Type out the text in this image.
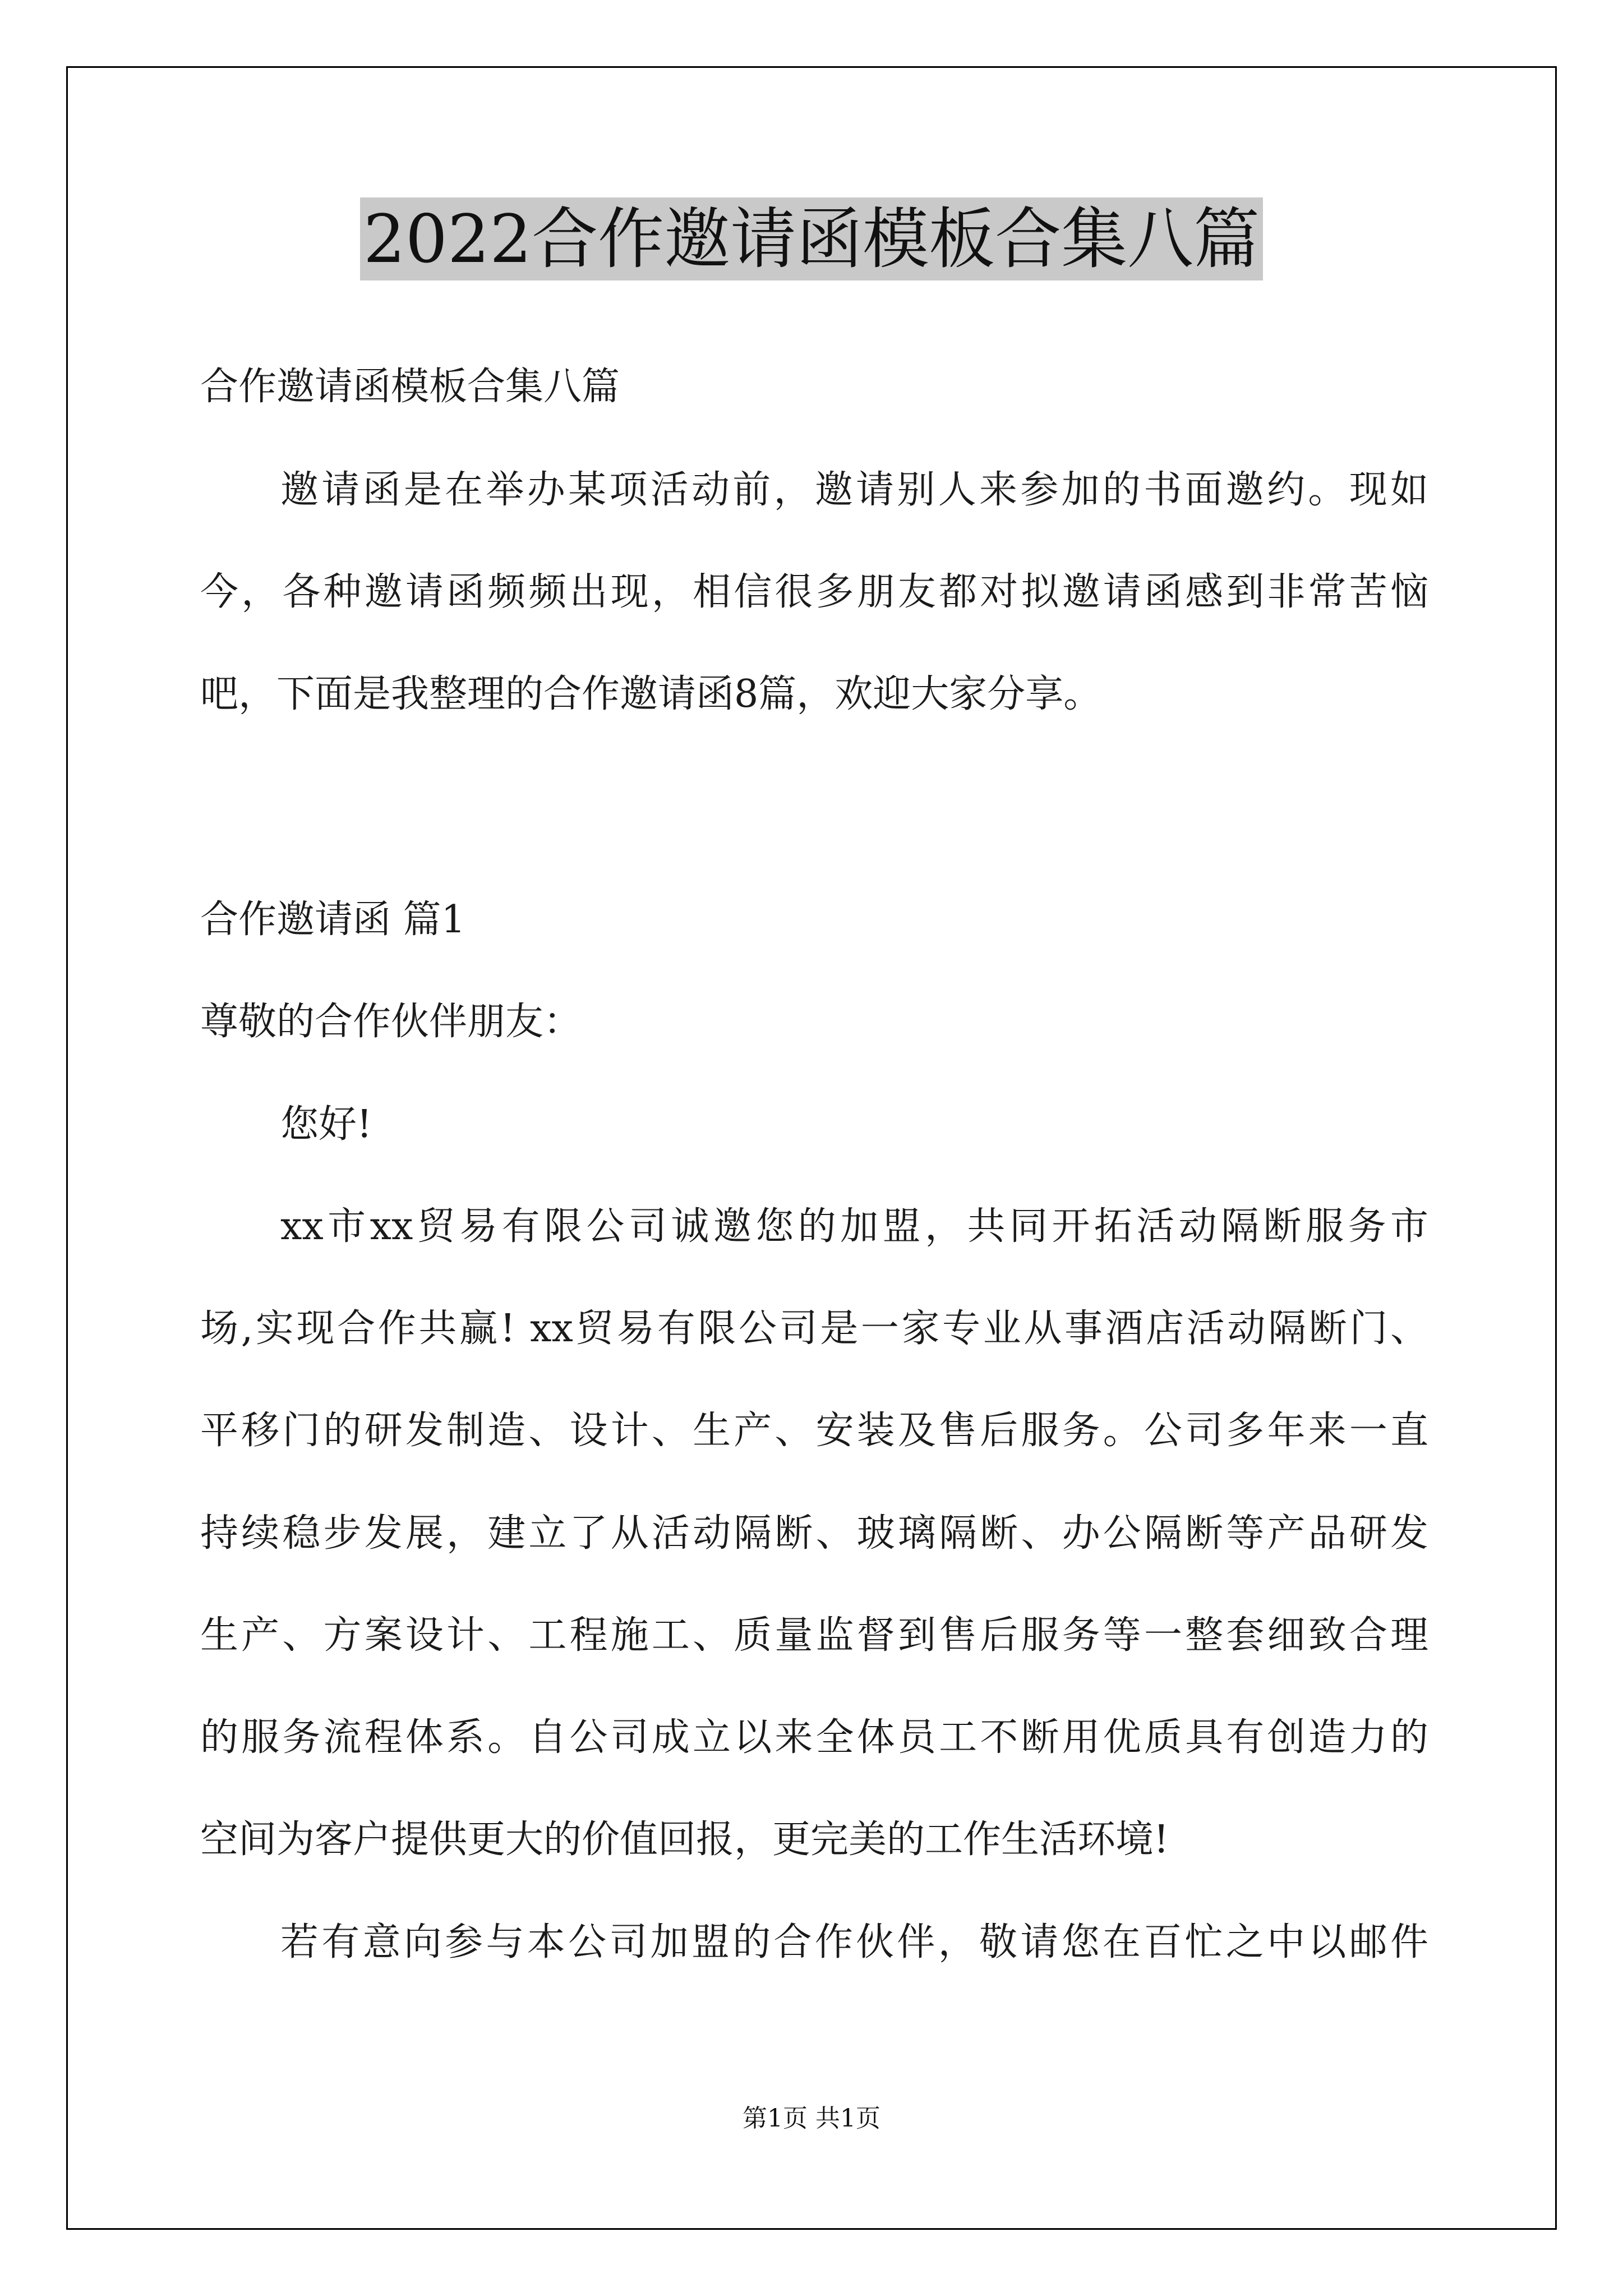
2022合作邀请函模板合集八篇
合作邀请函模板合集八篇
邀请函是在举办某项活动前，邀请别人来参加的书面邀约。现如
今，各种邀请函频频出现，相信很多朋友都对拟邀请函感到非常苦恼
吧，下面是我整理的合作邀请函8篇，欢迎大家分享。
合作邀请函 篇1
尊敬的合作伙伴朋友：
您好!
xx市xx贸易有限公司诚邀您的加盟，共同开拓活动隔断服务市
场,实现合作共赢! xx贸易有限公司是一家专业从事酒店活动隔断门、
平移门的研发制造、设计、生产、安装及售后服务。公司多年来一直
持续稳步发展，建立了从活动隔断、玻璃隔断、办公隔断等产品研发
生产、方案设计、工程施工、质量监督到售后服务等一整套细致合理
的服务流程体系。自公司成立以来全体员工不断用优质具有创造力的
空间为客户提供更大的价值回报，更完美的工作生活环境!
若有意向参与本公司加盟的合作伙伴，敬请您在百忙之中以邮件
第1页 共1页
